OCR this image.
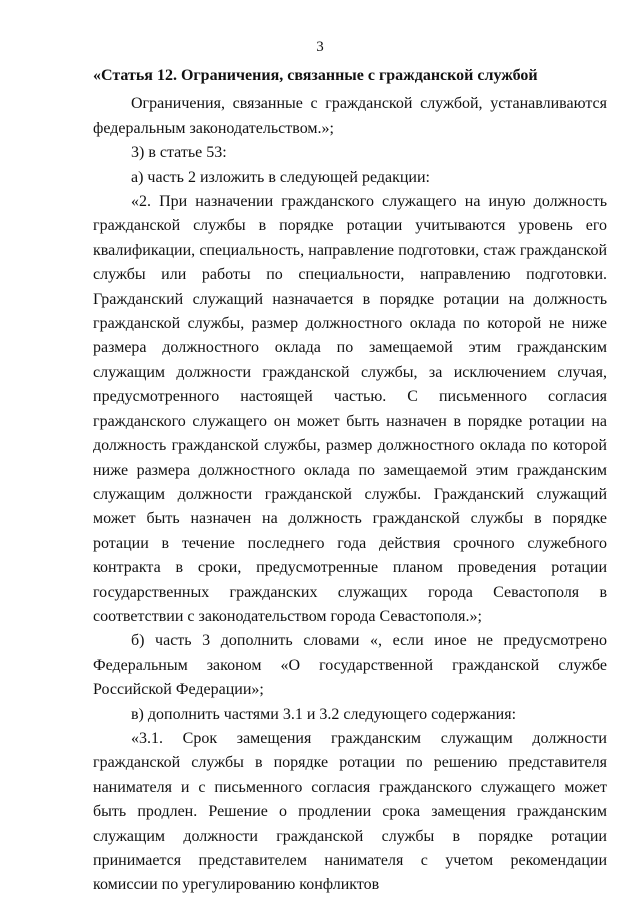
3

«Статья 12. Ограничения, связанные с гражданской службой

Ограничения, связанные с гражданской службой, устанавливаются федеральным законодательством.»;

3) в статье 53:

а) часть 2 изложить в следующей редакции:

«2. При назначении гражданского служащего на иную должность гражданской службы в порядке ротации учитываются уровень его квалификации, специальность, направление подготовки, стаж гражданской службы или работы по специальности, направлению подготовки. Гражданский служащий назначается в порядке ротации на должность гражданской службы, размер должностного оклада по которой не ниже размера должностного оклада по замещаемой этим гражданским служащим должности гражданской службы, за исключением случая, предусмотренного настоящей частью. С письменного согласия гражданского служащего он может быть назначен в порядке ротации на должность гражданской службы, размер должностного оклада по которой ниже размера должностного оклада по замещаемой этим гражданским служащим должности гражданской службы. Гражданский служащий может быть назначен на должность гражданской службы в порядке ротации в течение последнего года действия срочного служебного контракта в сроки, предусмотренные планом проведения ротации государственных гражданских служащих города Севастополя в соответствии с законодательством города Севастополя.»;

б) часть 3 дополнить словами «, если иное не предусмотрено Федеральным законом «О государственной гражданской службе Российской Федерации»;

в) дополнить частями 3.1 и 3.2 следующего содержания:

«3.1. Срок замещения гражданским служащим должности гражданской службы в порядке ротации по решению представителя нанимателя и с письменного согласия гражданского служащего может быть продлен. Решение о продлении срока замещения гражданским служащим должности гражданской службы в порядке ротации принимается представителем нанимателя с учетом рекомендации комиссии по урегулированию конфликтов
